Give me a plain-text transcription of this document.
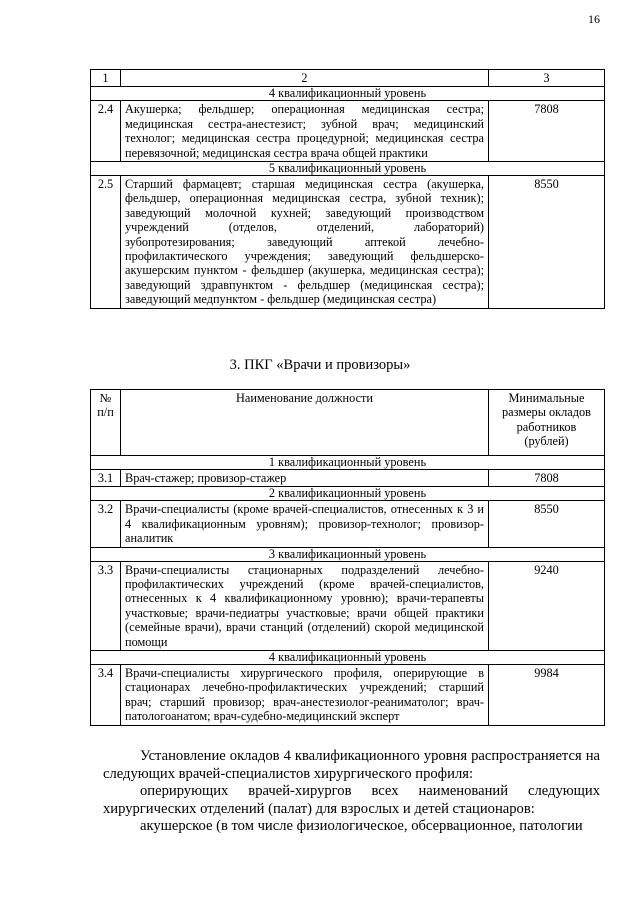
16
1	2	3
4 квалификационный уровень		
2.4	Акушерка; фельдшер; операционная медицинская сестра; медицинская сестра-анестезист; зубной врач; медицинский технолог; медицинская сестра процедурной; медицинская сестра перевязочной; медицинская сестра врача общей практики	7808
5 квалификационный уровень		
2.5	Старший фармацевт; старшая медицинская сестра (акушерка, фельдшер, операционная медицинская сестра, зубной техник); заведующий молочной кухней; заведующий производством учреждений (отделов, отделений, лабораторий) зубопротезирования; заведующий аптекой лечебно-профилактического учреждения; заведующий фельдшерско-акушерским пунктом - фельдшер (акушерка, медицинская сестра); заведующий здравпунктом - фельдшер (медицинская сестра); заведующий медпунктом - фельдшер (медицинская сестра)	8550
3. ПКГ «Врачи и провизоры»
№ п/п	Наименование должности	Минимальные размеры окладов работников (рублей)
1 квалификационный уровень		
3.1	Врач-стажер; провизор-стажер	7808
2 квалификационный уровень		
3.2	Врачи-специалисты (кроме врачей-специалистов, отнесенных к 3 и 4 квалификационным уровням); провизор-технолог; провизор-аналитик	8550
3 квалификационный уровень		
3.3	Врачи-специалисты стационарных подразделений лечебно-профилактических учреждений (кроме врачей-специалистов, отнесенных к 4 квалификационному уровню); врачи-терапевты участковые; врачи-педиатры участковые; врачи общей практики (семейные врачи), врачи станций (отделений) скорой медицинской помощи	9240
4 квалификационный уровень		
3.4	Врачи-специалисты хирургического профиля, оперирующие в стационарах лечебно-профилактических учреждений; старший врач; старший провизор; врач-анестезиолог-реаниматолог; врач-патологоанатом; врач-судебно-медицинский эксперт	9984
Установление окладов 4 квалификационного уровня распространяется на следующих врачей-специалистов хирургического профиля:
оперирующих врачей-хирургов всех наименований следующих хирургических отделений (палат) для взрослых и детей стационаров:
акушерское (в том числе физиологическое, обсервационное, патологии
